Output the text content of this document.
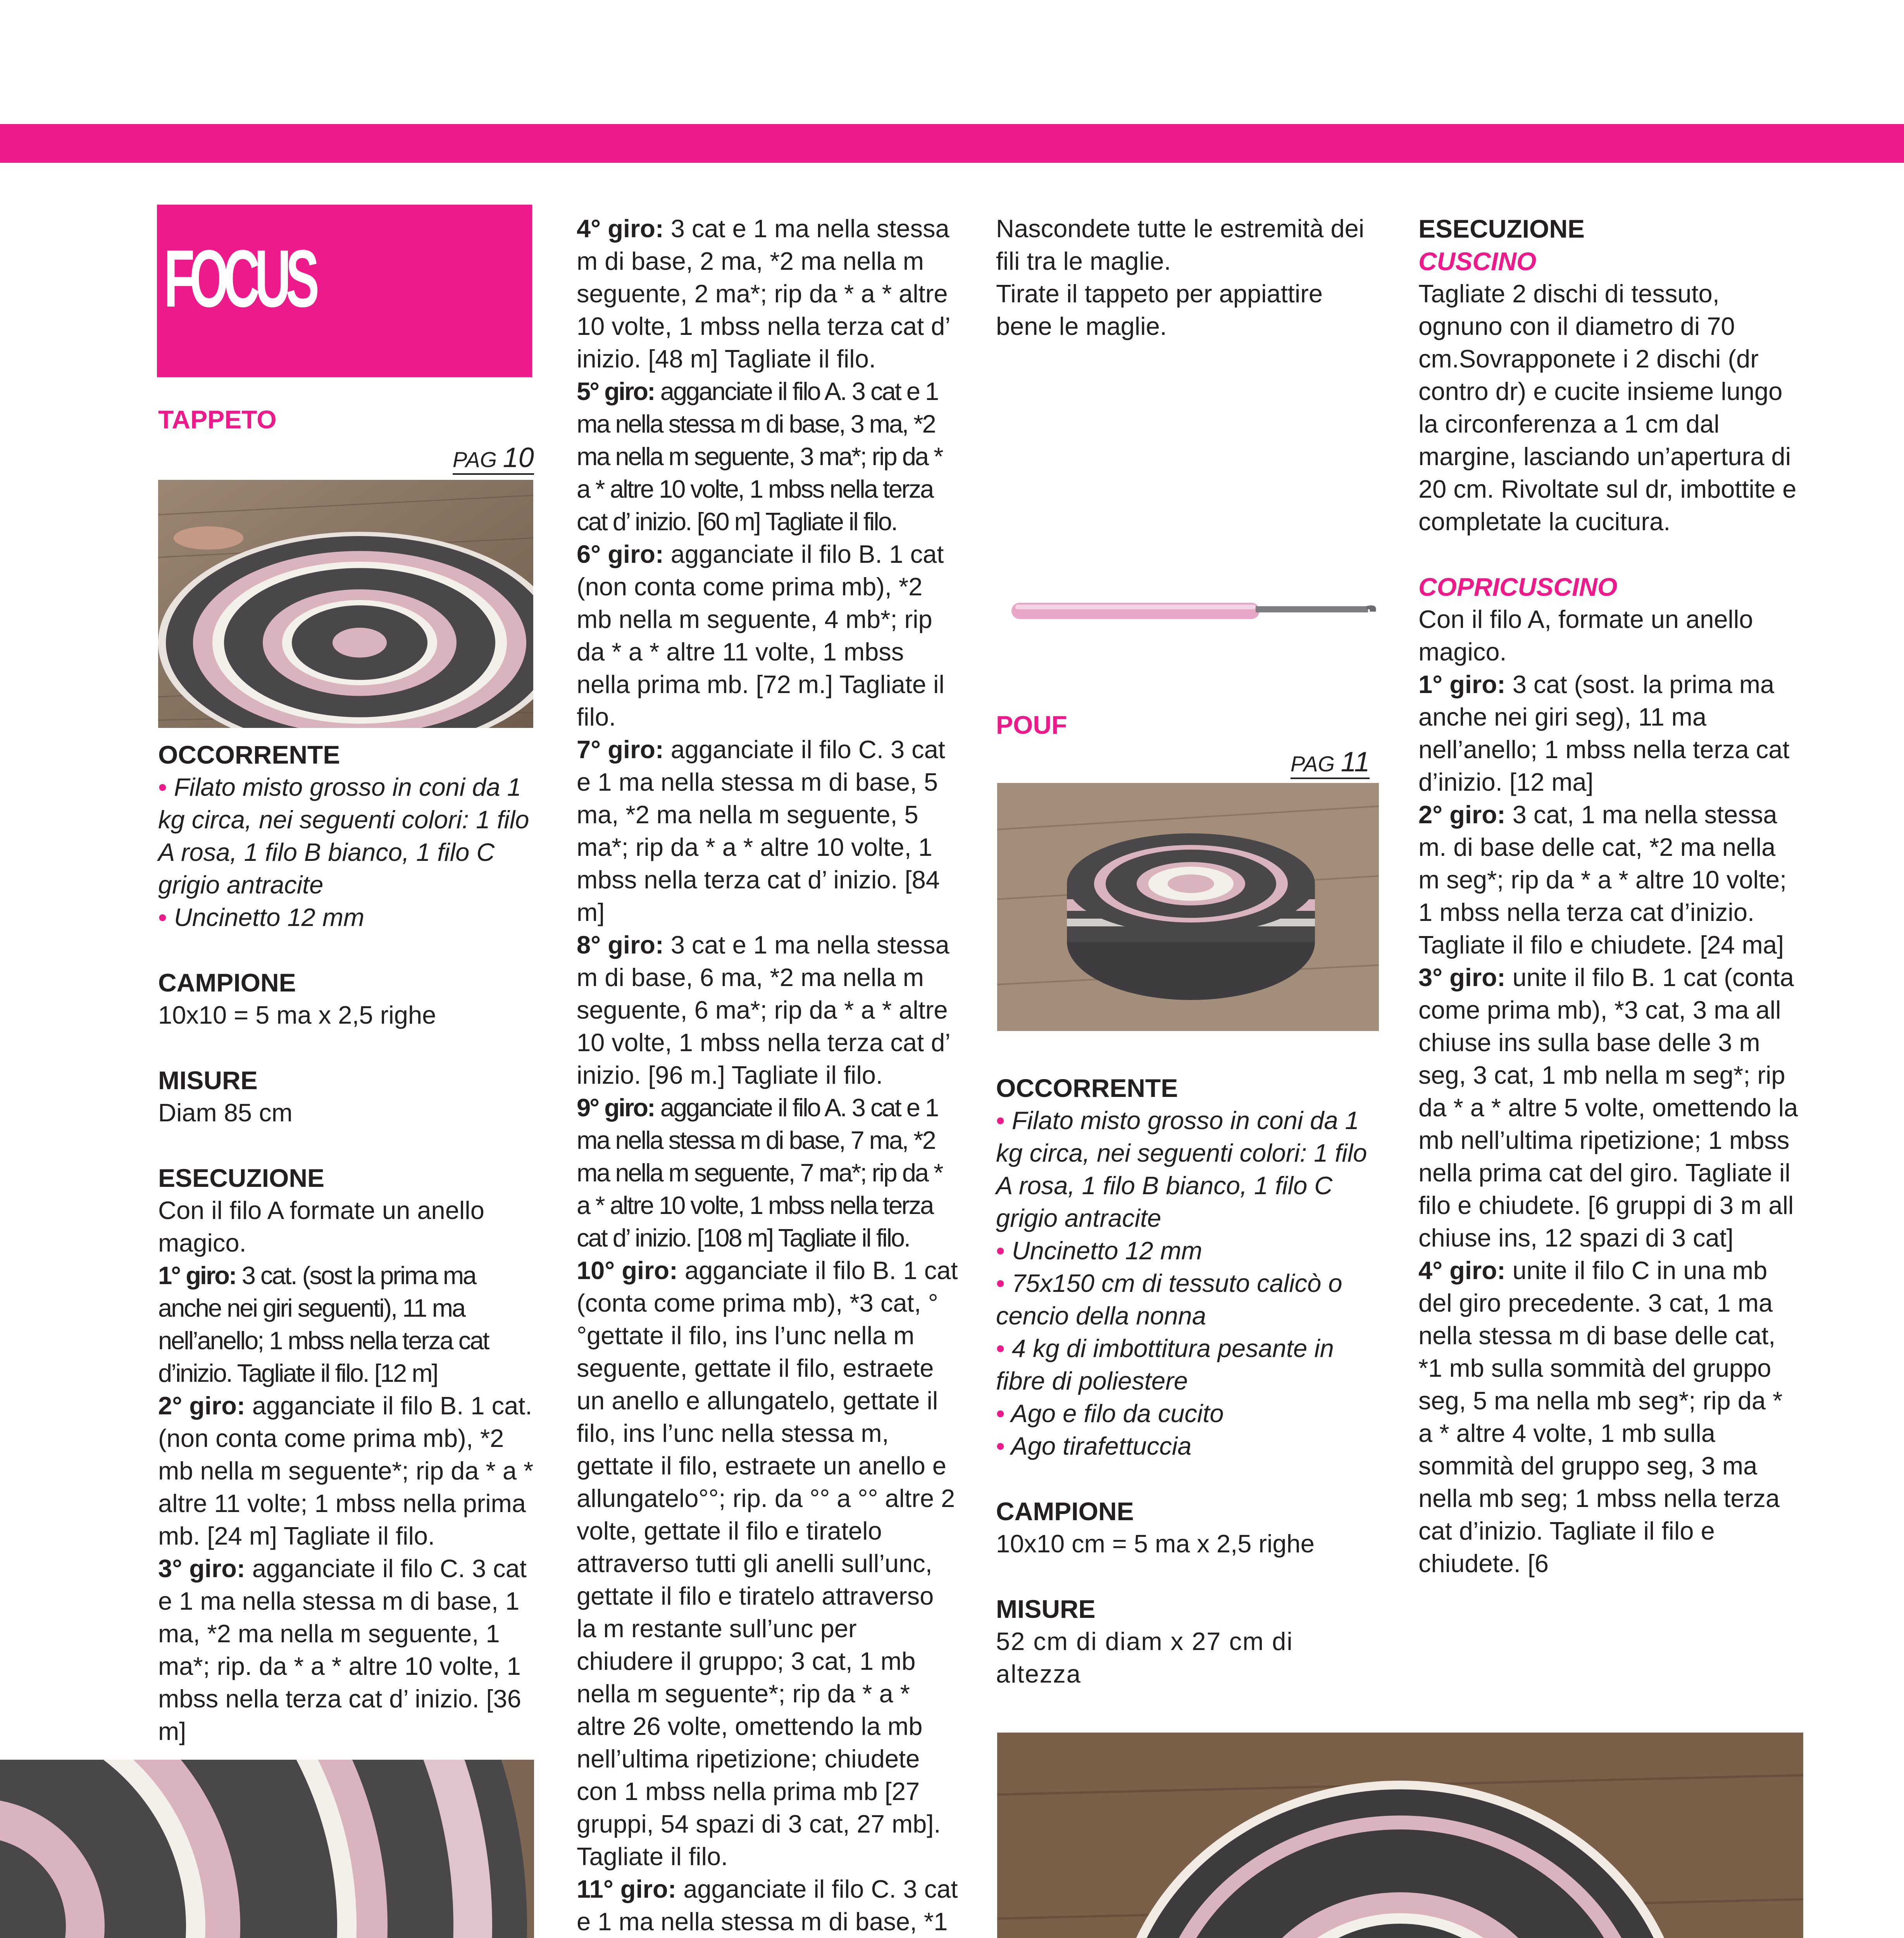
FOCUS

TAPPETO

PAG 10

OCCORRENTE

• Filato misto grosso in coni da 1 kg circa, nei seguenti colori: 1 filo A rosa, 1 filo B bianco, 1 filo C grigio antracite

• Uncinetto 12 mm

CAMPIONE

10x10 = 5 ma x 2,5 righe

MISURE

Diam 85 cm

ESECUZIONE

Con il filo A formate un anello magico.

1° giro: 3 cat. (sost la prima ma anche nei giri seguenti), 11 ma nell’anello; 1 mbss nella terza cat d’inizio. Tagliate il filo. [12 m]

2° giro: agganciate il filo B. 1 cat. (non conta come prima mb), *2 mb nella m seguente*; rip da * a * altre 11 volte; 1 mbss nella prima mb. [24 m] Tagliate il filo.

3° giro: agganciate il filo C. 3 cat e 1 ma nella stessa m di base, 1 ma, *2 ma nella m seguente, 1 ma*; rip. da * a * altre 10 volte, 1 mbss nella terza cat d’ inizio. [36 m]

4° giro: 3 cat e 1 ma nella stessa m di base, 2 ma, *2 ma nella m seguente, 2 ma*; rip da * a * altre 10 volte, 1 mbss nella terza cat d’ inizio. [48 m] Tagliate il filo.

5° giro: agganciate il filo A. 3 cat e 1 ma nella stessa m di base, 3 ma, *2 ma nella m seguente, 3 ma*; rip da * a * altre 10 volte, 1 mbss nella terza cat d’ inizio. [60 m] Tagliate il filo.

6° giro: agganciate il filo B. 1 cat (non conta come prima mb), *2 mb nella m seguente, 4 mb*; rip da * a * altre 11 volte, 1 mbss nella prima mb. [72 m.] Tagliate il filo.

7° giro: agganciate il filo C. 3 cat e 1 ma nella stessa m di base, 5 ma, *2 ma nella m seguente, 5 ma*; rip da * a * altre 10 volte, 1 mbss nella terza cat d’ inizio. [84 m]

8° giro: 3 cat e 1 ma nella stessa m di base, 6 ma, *2 ma nella m seguente, 6 ma*; rip da * a * altre 10 volte, 1 mbss nella terza cat d’ inizio. [96 m.] Tagliate il filo.

9° giro: agganciate il filo A. 3 cat e 1 ma nella stessa m di base, 7 ma, *2 ma nella m seguente, 7 ma*; rip da * a * altre 10 volte, 1 mbss nella terza cat d’ inizio. [108 m] Tagliate il filo.

10° giro: agganciate il filo B. 1 cat (conta come prima mb), *3 cat, °°gettate il filo, ins l’unc nella m seguente, gettate il filo, estraete un anello e allungatelo, gettate il filo, ins l’unc nella stessa m, gettate il filo, estraete un anello e allungatelo°°; rip. da °° a °° altre 2 volte, gettate il filo e tiratelo attraverso tutti gli anelli sull’unc, gettate il filo e tiratelo attraverso la m restante sull’unc per chiudere il gruppo; 3 cat, 1 mb nella m seguente*; rip da * a * altre 26 volte, omettendo la mb nell’ultima ripetizione; chiudete con 1 mbss nella prima mb [27 gruppi, 54 spazi di 3 cat, 27 mb]. Tagliate il filo.

11° giro: agganciate il filo C. 3 cat e 1 ma nella stessa m di base, *1

Nascondete tutte le estremità dei fili tra le maglie.

Tirate il tappeto per appiattire bene le maglie.

POUF

PAG 11

OCCORRENTE

• Filato misto grosso in coni da 1 kg circa, nei seguenti colori: 1 filo A rosa, 1 filo B bianco, 1 filo C grigio antracite

• Uncinetto 12 mm

• 75x150 cm di tessuto calicò o cencio della nonna

• 4 kg di imbottitura pesante in fibre di poliestere

• Ago e filo da cucito

• Ago tirafettuccia

CAMPIONE

10x10 cm = 5 ma x 2,5 righe

MISURE

52 cm di diam x 27 cm di altezza

ESECUZIONE

CUSCINO

Tagliate 2 dischi di tessuto, ognuno con il diametro di 70 cm.Sovrapponete i 2 dischi (dr contro dr) e cucite insieme lungo la circonferenza a 1 cm dal margine, lasciando un’apertura di 20 cm. Rivoltate sul dr, imbottite e completate la cucitura.

COPRICUSCINO

Con il filo A, formate un anello magico.

1° giro: 3 cat (sost. la prima ma anche nei giri seg), 11 ma nell’anello; 1 mbss nella terza cat d’inizio. [12 ma]

2° giro: 3 cat, 1 ma nella stessa m. di base delle cat, *2 ma nella m seg*; rip da * a * altre 10 volte; 1 mbss nella terza cat d’inizio. Tagliate il filo e chiudete. [24 ma]

3° giro: unite il filo B. 1 cat (conta come prima mb), *3 cat, 3 ma all chiuse ins sulla base delle 3 m seg, 3 cat, 1 mb nella m seg*; rip da * a * altre 5 volte, omettendo la mb nell’ultima ripetizione; 1 mbss nella prima cat del giro. Tagliate il filo e chiudete. [6 gruppi di 3 m all chiuse ins, 12 spazi di 3 cat]

4° giro: unite il filo C in una mb del giro precedente. 3 cat, 1 ma nella stessa m di base delle cat, *1 mb sulla sommità del gruppo seg, 5 ma nella mb seg*; rip da * a * altre 4 volte, 1 mb sulla sommità del gruppo seg, 3 ma nella mb seg; 1 mbss nella terza cat d’inizio. Tagliate il filo e chiudete. [6
